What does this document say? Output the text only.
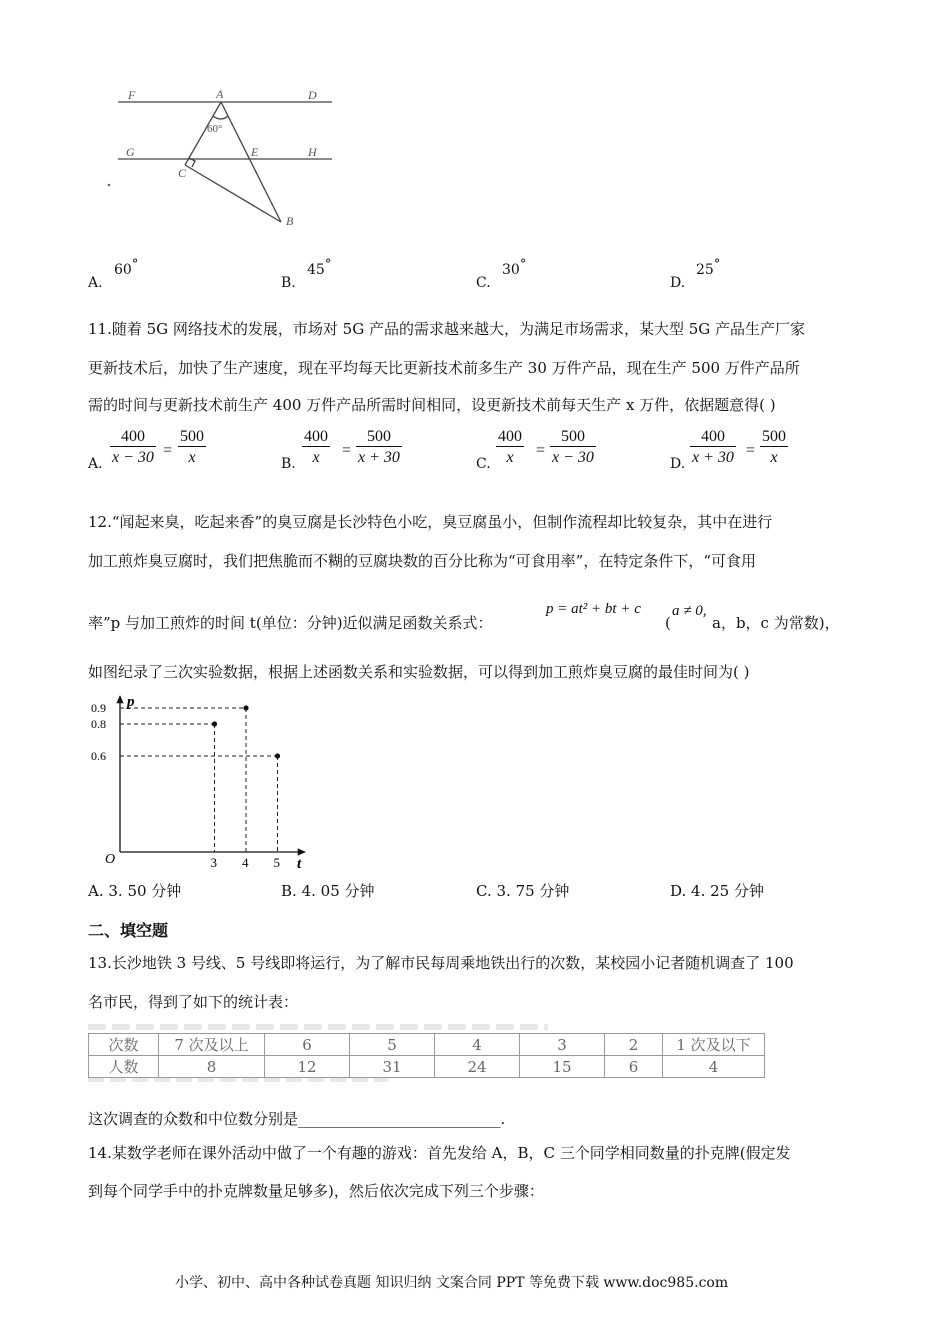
F	A	D
60°
G	E	H
C
B
A.
60 °
B.
45 °
C.
30 °
D.
25 °
11.随着 5G 网络技术的发展，市场对 5G 产品的需求越来越大，为满足市场需求，某大型 5G 产品生产厂家
更新技术后，加快了生产速度，现在平均每天比更新技术前多生产 30 万件产品，现在生产 500 万件产品所
需的时间与更新技术前生产 400 万件产品所需时间相同，设更新技术前每天生产 x 万件，依据题意得( )
A. $\frac{400}{x - 30} = \frac{500}{x}$	B. $\frac{400}{x} = \frac{500}{x + 30}$	C. $\frac{400}{x} = \frac{500}{x - 30}$	D. $\frac{400}{x + 30} = \frac{500}{x}$
12.“闻起来臭，吃起来香”的臭豆腐是长沙特色小吃，臭豆腐虽小，但制作流程却比较复杂，其中在进行
加工煎炸臭豆腐时，我们把焦脆而不糊的豆腐块数的百分比称为“可食用率”，在特定条件下，“可食用
率”p 与加工煎炸的时间 t(单位：分钟)近似满足函数关系式：
p = at² + bt + c
(
a ≠ 0,
a，b，c 为常数)，
如图纪录了三次实验数据，根据上述函数关系和实验数据，可以得到加工煎炸臭豆腐的最佳时间为( )
p
t
O	3 4 5
0.9
0.8
0.6
A. 3. 50 分钟	B. 4. 05 分钟	C. 3. 75 分钟	D. 4. 25 分钟
二、填空题
13.长沙地铁 3 号线、5 号线即将运行，为了解市民每周乘地铁出行的次数，某校园小记者随机调查了 100
名市民，得到了如下的统计表：
次数	7 次及以上	6	5	4	3	2	1 次及以下
人数	8	12	31	24	15	6	4
这次调查的众数和中位数分别是___________________________.
14.某数学老师在课外活动中做了一个有趣的游戏：首先发给 A，B，C 三个同学相同数量的扑克牌(假定发
到每个同学手中的扑克牌数量足够多)，然后依次完成下列三个步骤：
小学、初中、高中各种试卷真题 知识归纳 文案合同 PPT 等免费下载 www.doc985.com
